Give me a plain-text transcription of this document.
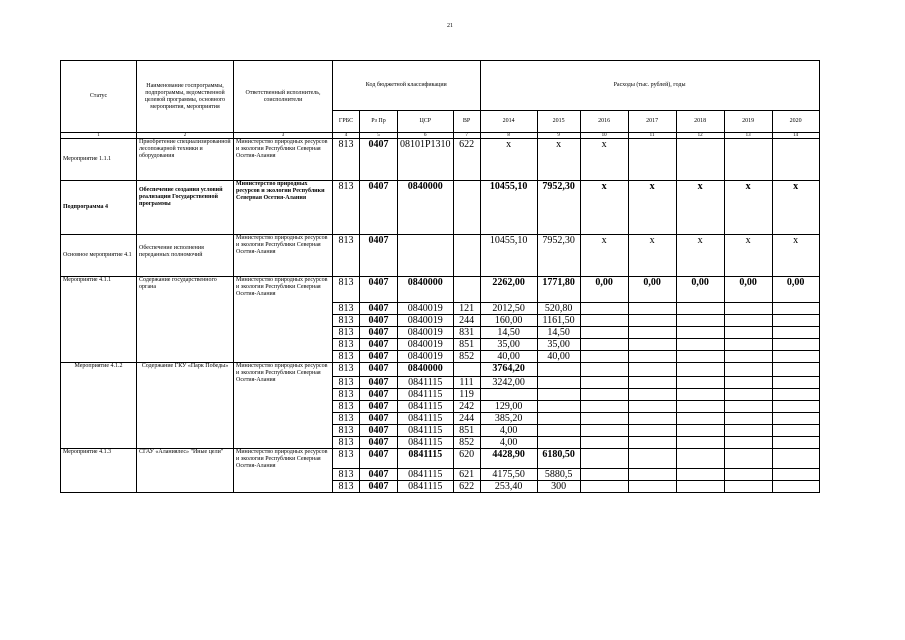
21
Статус	Наименование госпрограммы, подпрограммы, ведомственной целевой программы, основного мероприятия, мероприятия	Ответственный исполнитель, соисполнители	Код бюджетной классификации				Расходы (тыс. рублей), годы						
			ГРБС	Рз Пр	ЦСР	ВР	2014	2015	2016	2017	2018	2019	2020
1	2	3	4	5	6	7	8	9	10	11	12	13	14
Мероприятие 1.1.1	Приобретение специализированной лесопожарной техники и оборудования	Министерство природных ресурсов и экологии Республики Северная Осетия-Алания	813	0407	08101Р1310	622	х	х	х				
Подпрограмма 4	Обеспечение создания условий реализации Государственной программы	Министерство природных ресурсов и экологии Республики Северная Осетия-Алания	813	0407	0840000		10455,10	7952,30	х	х	х	х	х
Основное мероприятие 4.1	Обеспечение исполнения переданных полномочий	Министерство природных ресурсов и экологии Республики Северная Осетия-Алания	813	0407			10455,10	7952,30	х	х	х	х	х
Мероприятие 4.1.1	Содержание государственного органа	Министерство природных ресурсов и экологии Республики Северная Осетия-Алания	813	0407	0840000		2262,00	1771,80	0,00	0,00	0,00	0,00	0,00
			813	0407	0840019	121	2012,50	520,80					
			813	0407	0840019	244	160,00	1161,50					
			813	0407	0840019	831	14,50	14,50					
			813	0407	0840019	851	35,00	35,00					
			813	0407	0840019	852	40,00	40,00					
Мероприятие 4.1.2	Содержание ГКУ «Парк Победы»	Министерство природных ресурсов и экологии Республики Северная Осетия-Алания	813	0407	0840000		3764,20						
			813	0407	0841115	111	3242,00						
			813	0407	0841115	119							
			813	0407	0841115	242	129,00						
			813	0407	0841115	244	385,20						
			813	0407	0841115	851	4,00						
			813	0407	0841115	852	4,00						
Мероприятие 4.1.3	СГАУ «Аланиялес» "Иные цели"	Министерство природных ресурсов и экологии Республики Северная Осетия-Алания	813	0407	0841115	620	4428,90	6180,50					
			813	0407	0841115	621	4175,50	5880,5					
			813	0407	0841115	622	253,40	300					
